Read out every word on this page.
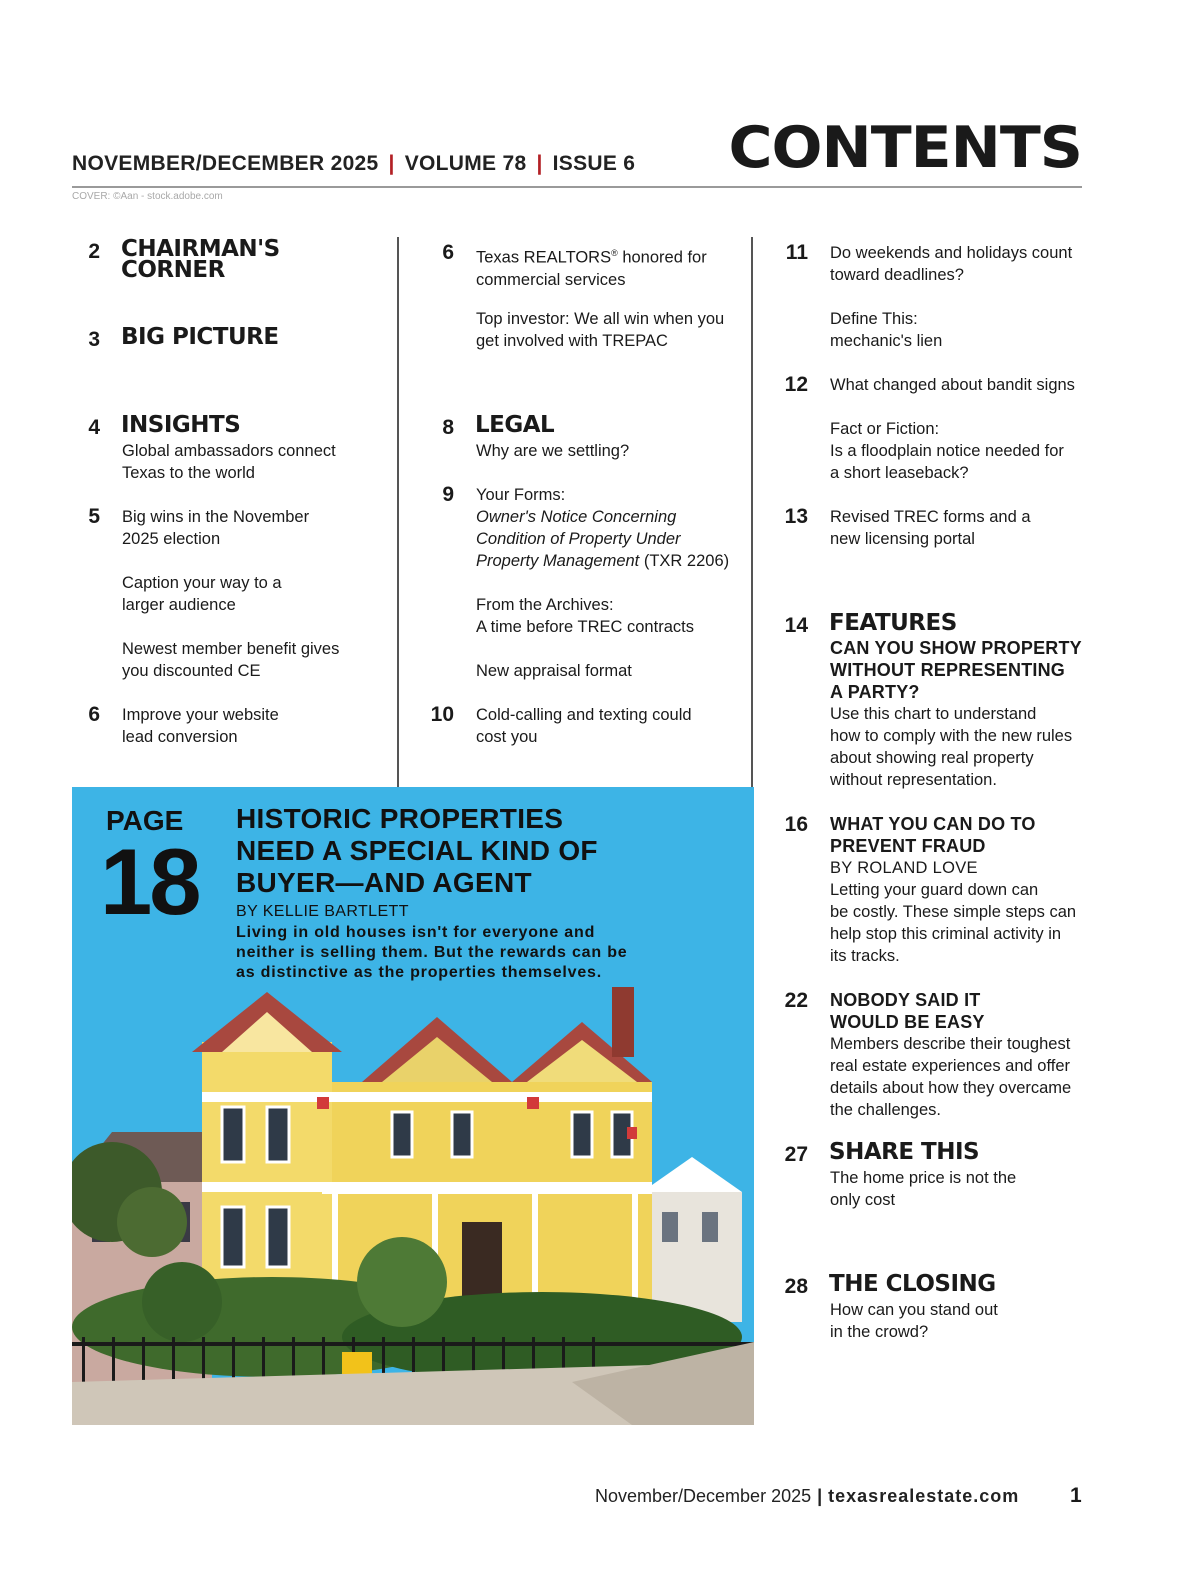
NOVEMBER/DECEMBER 2025 | VOLUME 78 | ISSUE 6 CONTENTS
COVER: ©Aan - stock.adobe.com
2 CHAIRMAN'S
CORNER
3 BIG PICTURE
4 INSIGHTS
Global ambassadors connect
Texas to the world
5 Big wins in the November
2025 election
Caption your way to a
larger audience
Newest member benefit gives
you discounted CE
6 Improve your website
lead conversion
6 Texas REALTORS® honored for
commercial services
Top investor: We all win when you
get involved with TREPAC
8 LEGAL
Why are we settling?
9 Your Forms:
Owner's Notice Concerning
Condition of Property Under
Property Management (TXR 2206)
From the Archives:
A time before TREC contracts
New appraisal format
10 Cold-calling and texting could
cost you
11 Do weekends and holidays count
toward deadlines?
Define This:
mechanic's lien
12 What changed about bandit signs
Fact or Fiction:
Is a floodplain notice needed for
a short leaseback?
13 Revised TREC forms and a
new licensing portal
14 FEATURES
CAN YOU SHOW PROPERTY
WITHOUT REPRESENTING
A PARTY?
Use this chart to understand
how to comply with the new rules
about showing real property
without representation.
16 WHAT YOU CAN DO TO
PREVENT FRAUD
BY ROLAND LOVE
Letting your guard down can
be costly. These simple steps can
help stop this criminal activity in
its tracks.
22 NOBODY SAID IT
WOULD BE EASY
Members describe their toughest
real estate experiences and offer
details about how they overcame
the challenges.
27 SHARE THIS
The home price is not the
only cost
28 THE CLOSING
How can you stand out
in the crowd?
PAGE
18
HISTORIC PROPERTIES
NEED A SPECIAL KIND OF
BUYER—AND AGENT
BY KELLIE BARTLETT
Living in old houses isn't for everyone and
neither is selling them. But the rewards can be
as distinctive as the properties themselves.
November/December 2025 | texasrealestate.com 1
